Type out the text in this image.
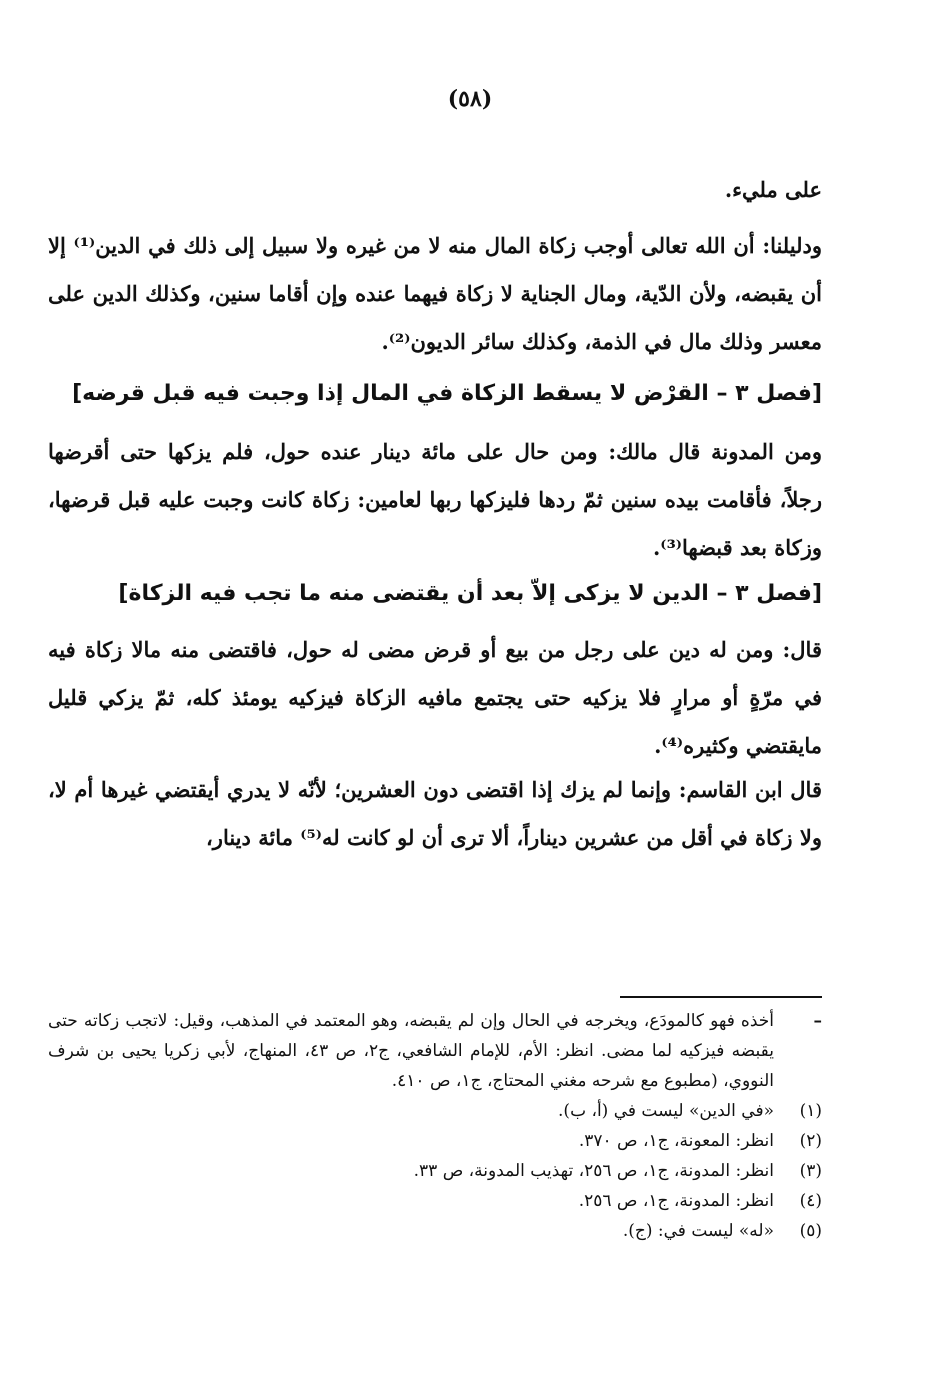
(٥٨)

على مليء.

ودليلنا: أن الله تعالى أوجب زكاة المال منه لا من غيره ولا سبيل إلى ذلك في الدين⁽¹⁾ إلا أن يقبضه، ولأن الدّية، ومال الجناية لا زكاة فيهما عنده وإن أقاما سنين، وكذلك الدين على معسر وذلك مال في الذمة، وكذلك سائر الديون⁽²⁾.

[فصل ٣ – القرْض لا يسقط الزكاة في المال إذا وجبت فيه قبل قرضه]

ومن المدونة قال مالك: ومن حال على مائة دينار عنده حول، فلم يزكها حتى أقرضها رجلاً، فأقامت بيده سنين ثمّ ردها فليزكها ربها لعامين: زكاة كانت وجبت عليه قبل قرضها، وزكاة بعد قبضها⁽³⁾.

[فصل ٣ – الدين لا يزكى إلاّ بعد أن يقتضى منه ما تجب فيه الزكاة]

قال: ومن له دين على رجل من بيع أو قرض مضى له حول، فاقتضى منه مالا زكاة فيه في مرّةٍ أو مرارٍ فلا يزكيه حتى يجتمع مافيه الزكاة فيزكيه يومئذ كله، ثمّ يزكي قليل مايقتضي وكثيره⁽⁴⁾.

قال ابن القاسم: وإنما لم يزك إذا اقتضى دون العشرين؛ لأنّه لا يدري أيقتضي غيرها أم لا، ولا زكاة في أقل من عشرين ديناراً، ألا ترى أن لو كانت له⁽⁵⁾ مائة دينار،

–
أخذه فهو كالمودَع، ويخرجه في الحال وإن لم يقبضه، وهو المعتمد في المذهب، وقيل: لاتجب زكاته حتى يقبضه فيزكيه لما مضى. انظر: الأم، للإمام الشافعي، ج٢، ص ٤٣، المنهاج، لأبي زكريا يحيى بن شرف النووي، (مطبوع مع شرحه مغني المحتاج، ج١، ص ٤١٠.
(١)
«في الدين» ليست في (أ، ب).
(٢)
انظر: المعونة، ج١، ص ٣٧٠.
(٣)
انظر: المدونة، ج١، ص ٢٥٦، تهذيب المدونة، ص ٣٣.
(٤)
انظر: المدونة، ج١، ص ٢٥٦.
(٥)
«له» ليست في: (ج).
